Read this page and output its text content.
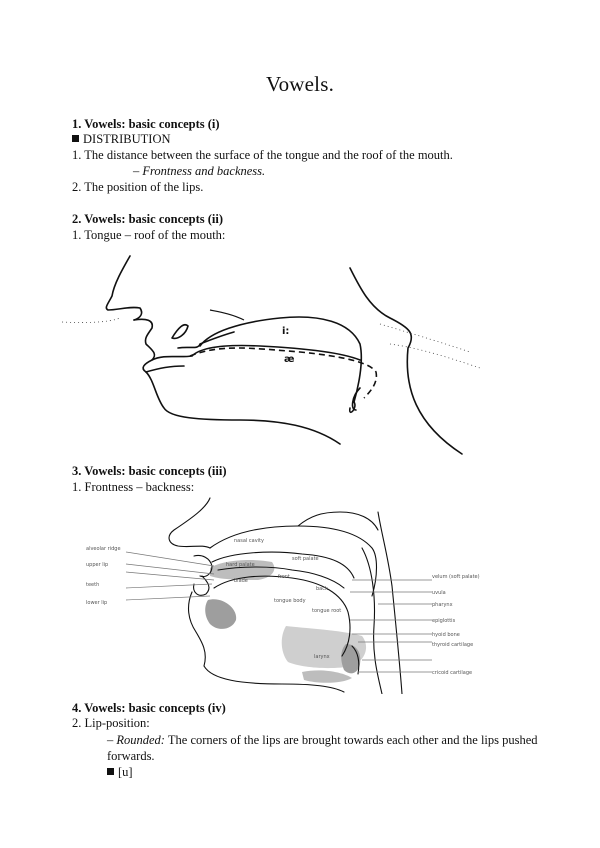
Vowels.
1. Vowels: basic concepts (i)
DISTRIBUTION
1. The distance between the surface of the tongue and the roof of the mouth.
– Frontness and backness.
2. The position of the lips.
2. Vowels: basic concepts (ii)
1. Tongue – roof of the mouth:
i:
æ
3. Vowels: basic concepts (iii)
1. Frontness – backness:
alveolar ridge
upper lip
teeth
lower lip
nasal cavity
hard palate
soft palate
front
back
tongue body
tongue root
blade
velum (soft palate)
uvula
pharynx
epiglottis
hyoid bone
thyroid cartilage
larynx
cricoid cartilage
4. Vowels: basic concepts (iv)
2. Lip-position:
– Rounded: The corners of the lips are brought towards each other and the lips pushed
forwards.
[u]
